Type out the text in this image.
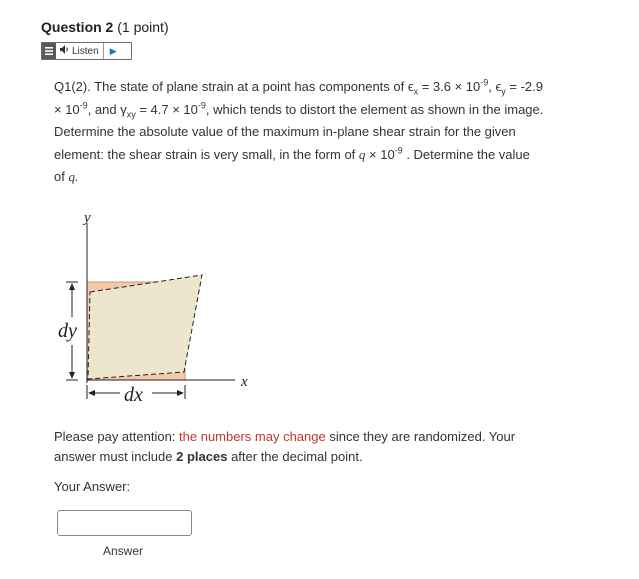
Question 2 (1 point)
Listen	▶
Q1(2). The state of plane strain at a point has components of $\epsilon_x = 3.6 \times 10^{-9}$, $\epsilon_y = -2.9 \times 10^{-9}$, and $\gamma_{xy} = 4.7 \times 10^{-9}$, which tends to distort the element as shown in the image. Determine the absolute value of the maximum in-plane shear strain for the given element: the shear strain is very small, in the form of $q \times 10^{-9}$ . Determine the value of q.
y
x
dy
dx
Please pay attention: the numbers may change since they are randomized. Your answer must include 2 places after the decimal point.
Your Answer:
Answer
